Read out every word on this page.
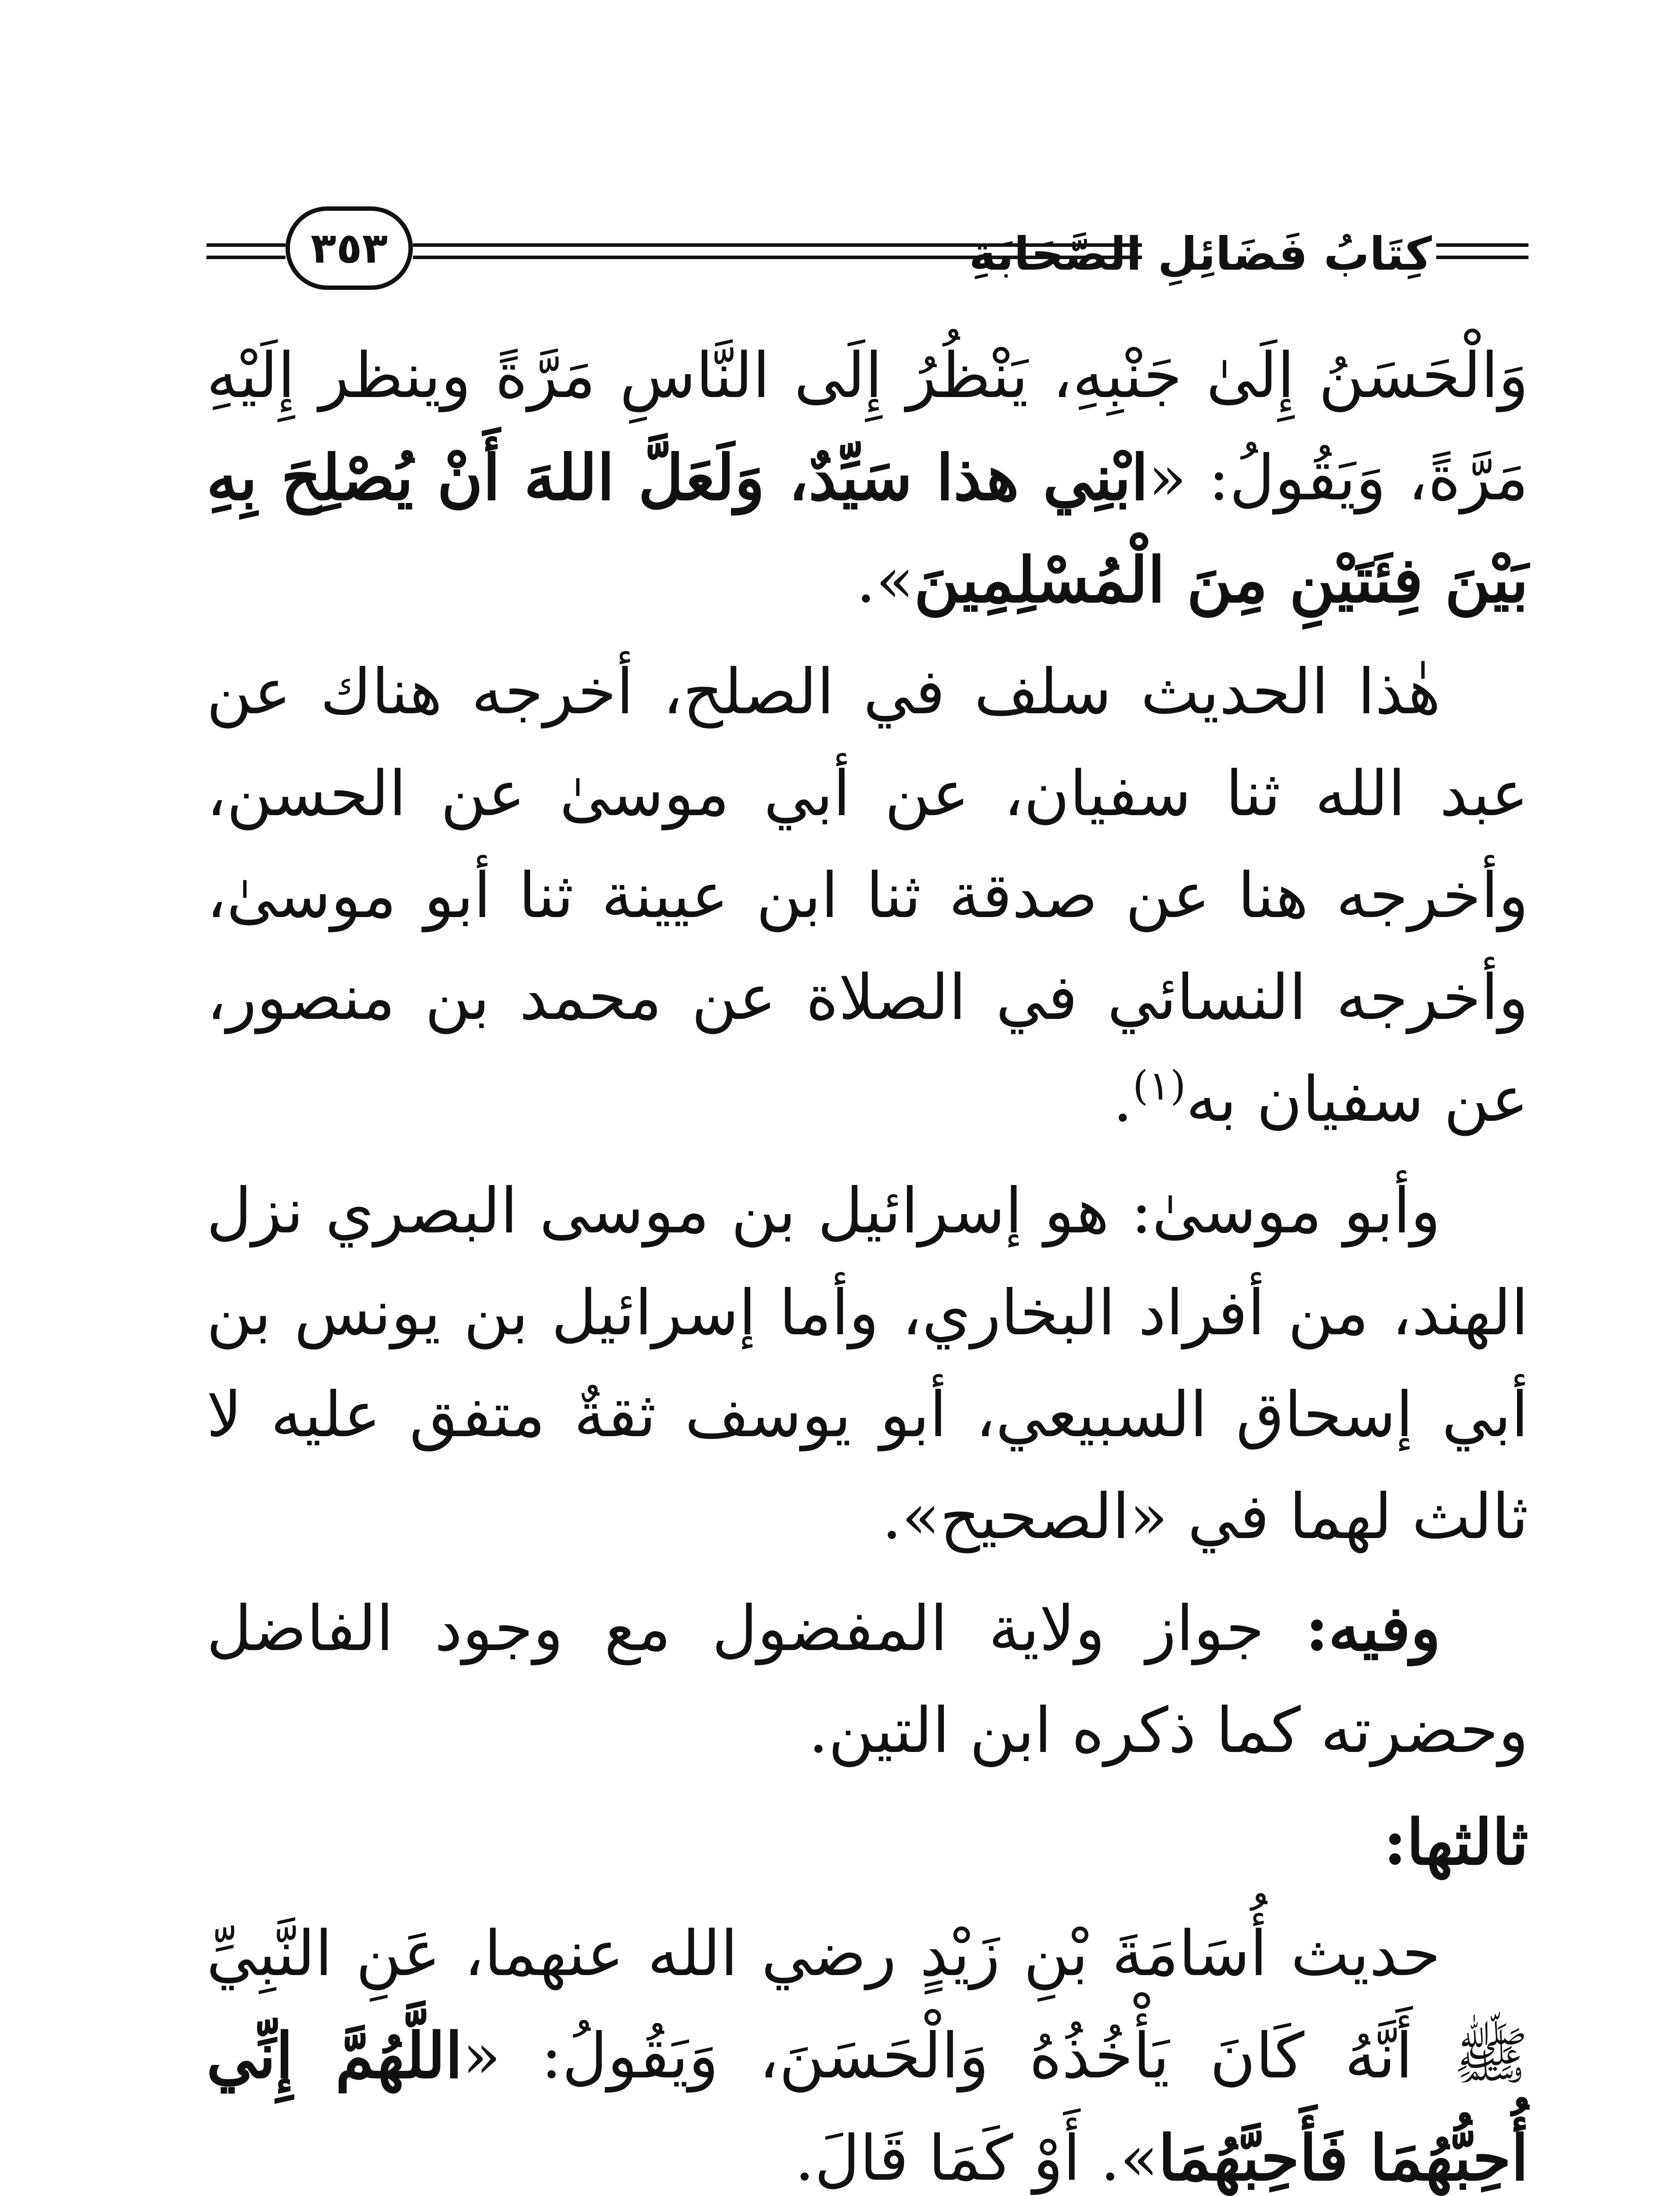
٣٥٣	كِتَابُ فَضَائِلِ الصَّحَابَةِ

وَالْحَسَنُ إِلَىٰ جَنْبِهِ، يَنْظُرُ إِلَى النَّاسِ مَرَّةً وينظر إِلَيْهِ مَرَّةً، وَيَقُولُ: «ابْنِي هذا سَيِّدٌ، وَلَعَلَّ اللهَ أَنْ يُصْلِحَ بِهِ بَيْنَ فِئَتَيْنِ مِنَ الْمُسْلِمِينَ».

هٰذا الحديث سلف في الصلح، أخرجه هناك عن عبد الله ثنا سفيان، عن أبي موسىٰ عن الحسن، وأخرجه هنا عن صدقة ثنا ابن عيينة ثنا أبو موسىٰ، وأخرجه النسائي في الصلاة عن محمد بن منصور، عن سفيان به$^{(١)}$.

وأبو موسىٰ: هو إسرائيل بن موسى البصري نزل الهند، من أفراد البخاري، وأما إسرائيل بن يونس بن أبي إسحاق السبيعي، أبو يوسف ثقةٌ متفق عليه لا ثالث لهما في «الصحيح».

وفيه: جواز ولاية المفضول مع وجود الفاضل وحضرته كما ذكره ابن التين.

ثالثها:

حديث أُسَامَةَ بْنِ زَيْدٍ رضي الله عنهما، عَنِ النَّبِيِّ ﷺ أَنَّهُ كَانَ يَأْخُذُهُ وَالْحَسَنَ، وَيَقُولُ: «اللَّهُمَّ إِنِّي أُحِبُّهُمَا فَأَحِبَّهُمَا». أَوْ كَمَا قَالَ.
